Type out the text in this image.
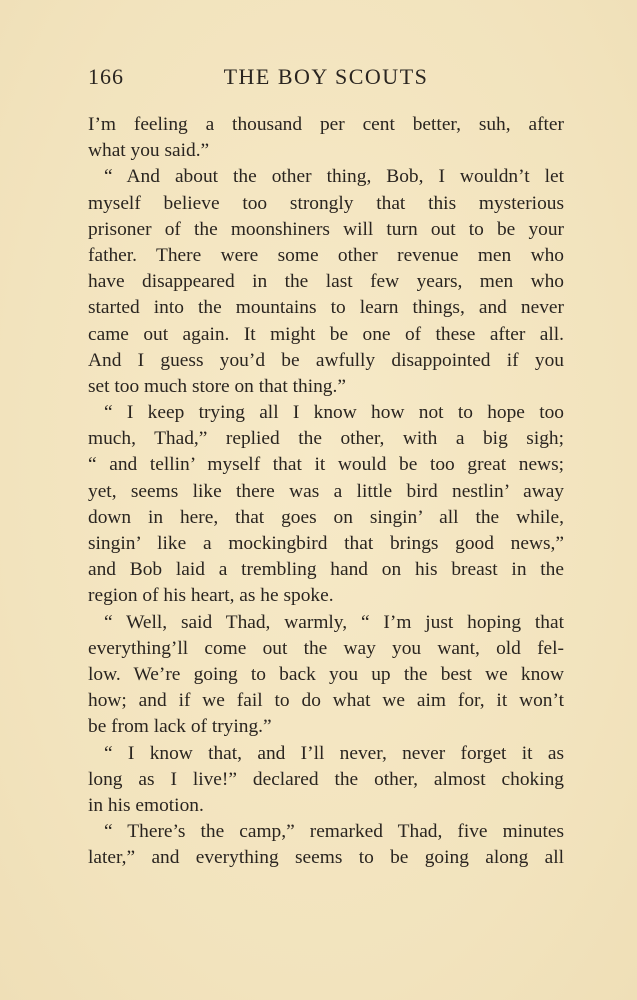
166	THE BOY SCOUTS
I’m feeling a thousand per cent better, suh, after
what you said.”
“ And about the other thing, Bob, I wouldn’t let
myself believe too strongly that this mysterious
prisoner of the moonshiners will turn out to be your
father. There were some other revenue men who
have disappeared in the last few years, men who
started into the mountains to learn things, and never
came out again. It might be one of these after all.
And I guess you’d be awfully disappointed if you
set too much store on that thing.”
“ I keep trying all I know how not to hope too
much, Thad,” replied the other, with a big sigh;
“ and tellin’ myself that it would be too great news;
yet, seems like there was a little bird nestlin’ away
down in here, that goes on singin’ all the while,
singin’ like a mockingbird that brings good news,”
and Bob laid a trembling hand on his breast in the
region of his heart, as he spoke.
“ Well, said Thad, warmly, “ I’m just hoping that
everything’ll come out the way you want, old fel-
low. We’re going to back you up the best we know
how; and if we fail to do what we aim for, it won’t
be from lack of trying.”
“ I know that, and I’ll never, never forget it as
long as I live!” declared the other, almost choking
in his emotion.
“ There’s the camp,” remarked Thad, five minutes
later,” and everything seems to be going along all
